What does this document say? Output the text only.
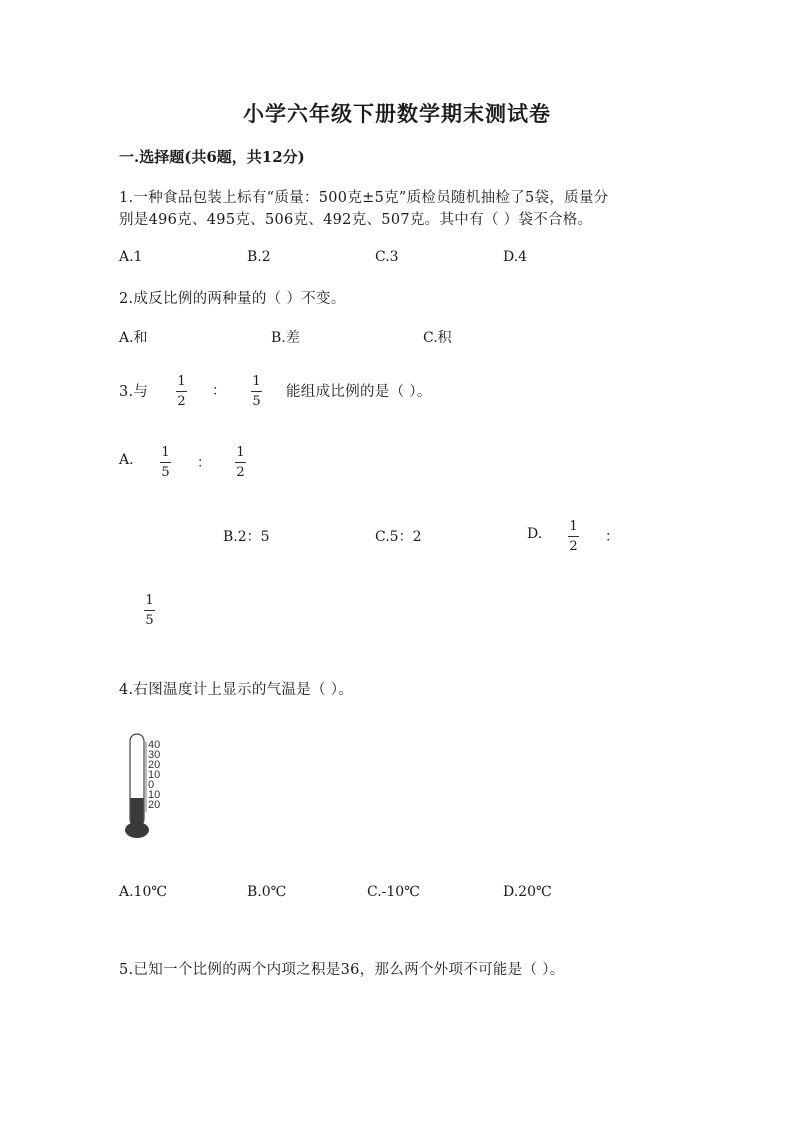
小学六年级下册数学期末测试卷
一.选择题(共6题，共12分)
1.一种食品包装上标有“质量：500克±5克”质检员随机抽检了5袋，质量分
别是496克、495克、506克、492克、507克。其中有（ ）袋不合格。
A.1	B.2	C.3	D.4
2.成反比例的两种量的（ ）不变。
A.和	B.差	C.积
3.与
1
2
：
1
5
能组成比例的是（ ）。
A. 1
5
：
1
2
B.2：5	C.5：2	D. 1
2
：
1
5
4.右图温度计上显示的气温是（ ）。
40
30
20
10
0
10
20
A.10℃	B.0℃	C.-10℃	D.20℃
5.已知一个比例的两个内项之积是36，那么两个外项不可能是（ ）。
